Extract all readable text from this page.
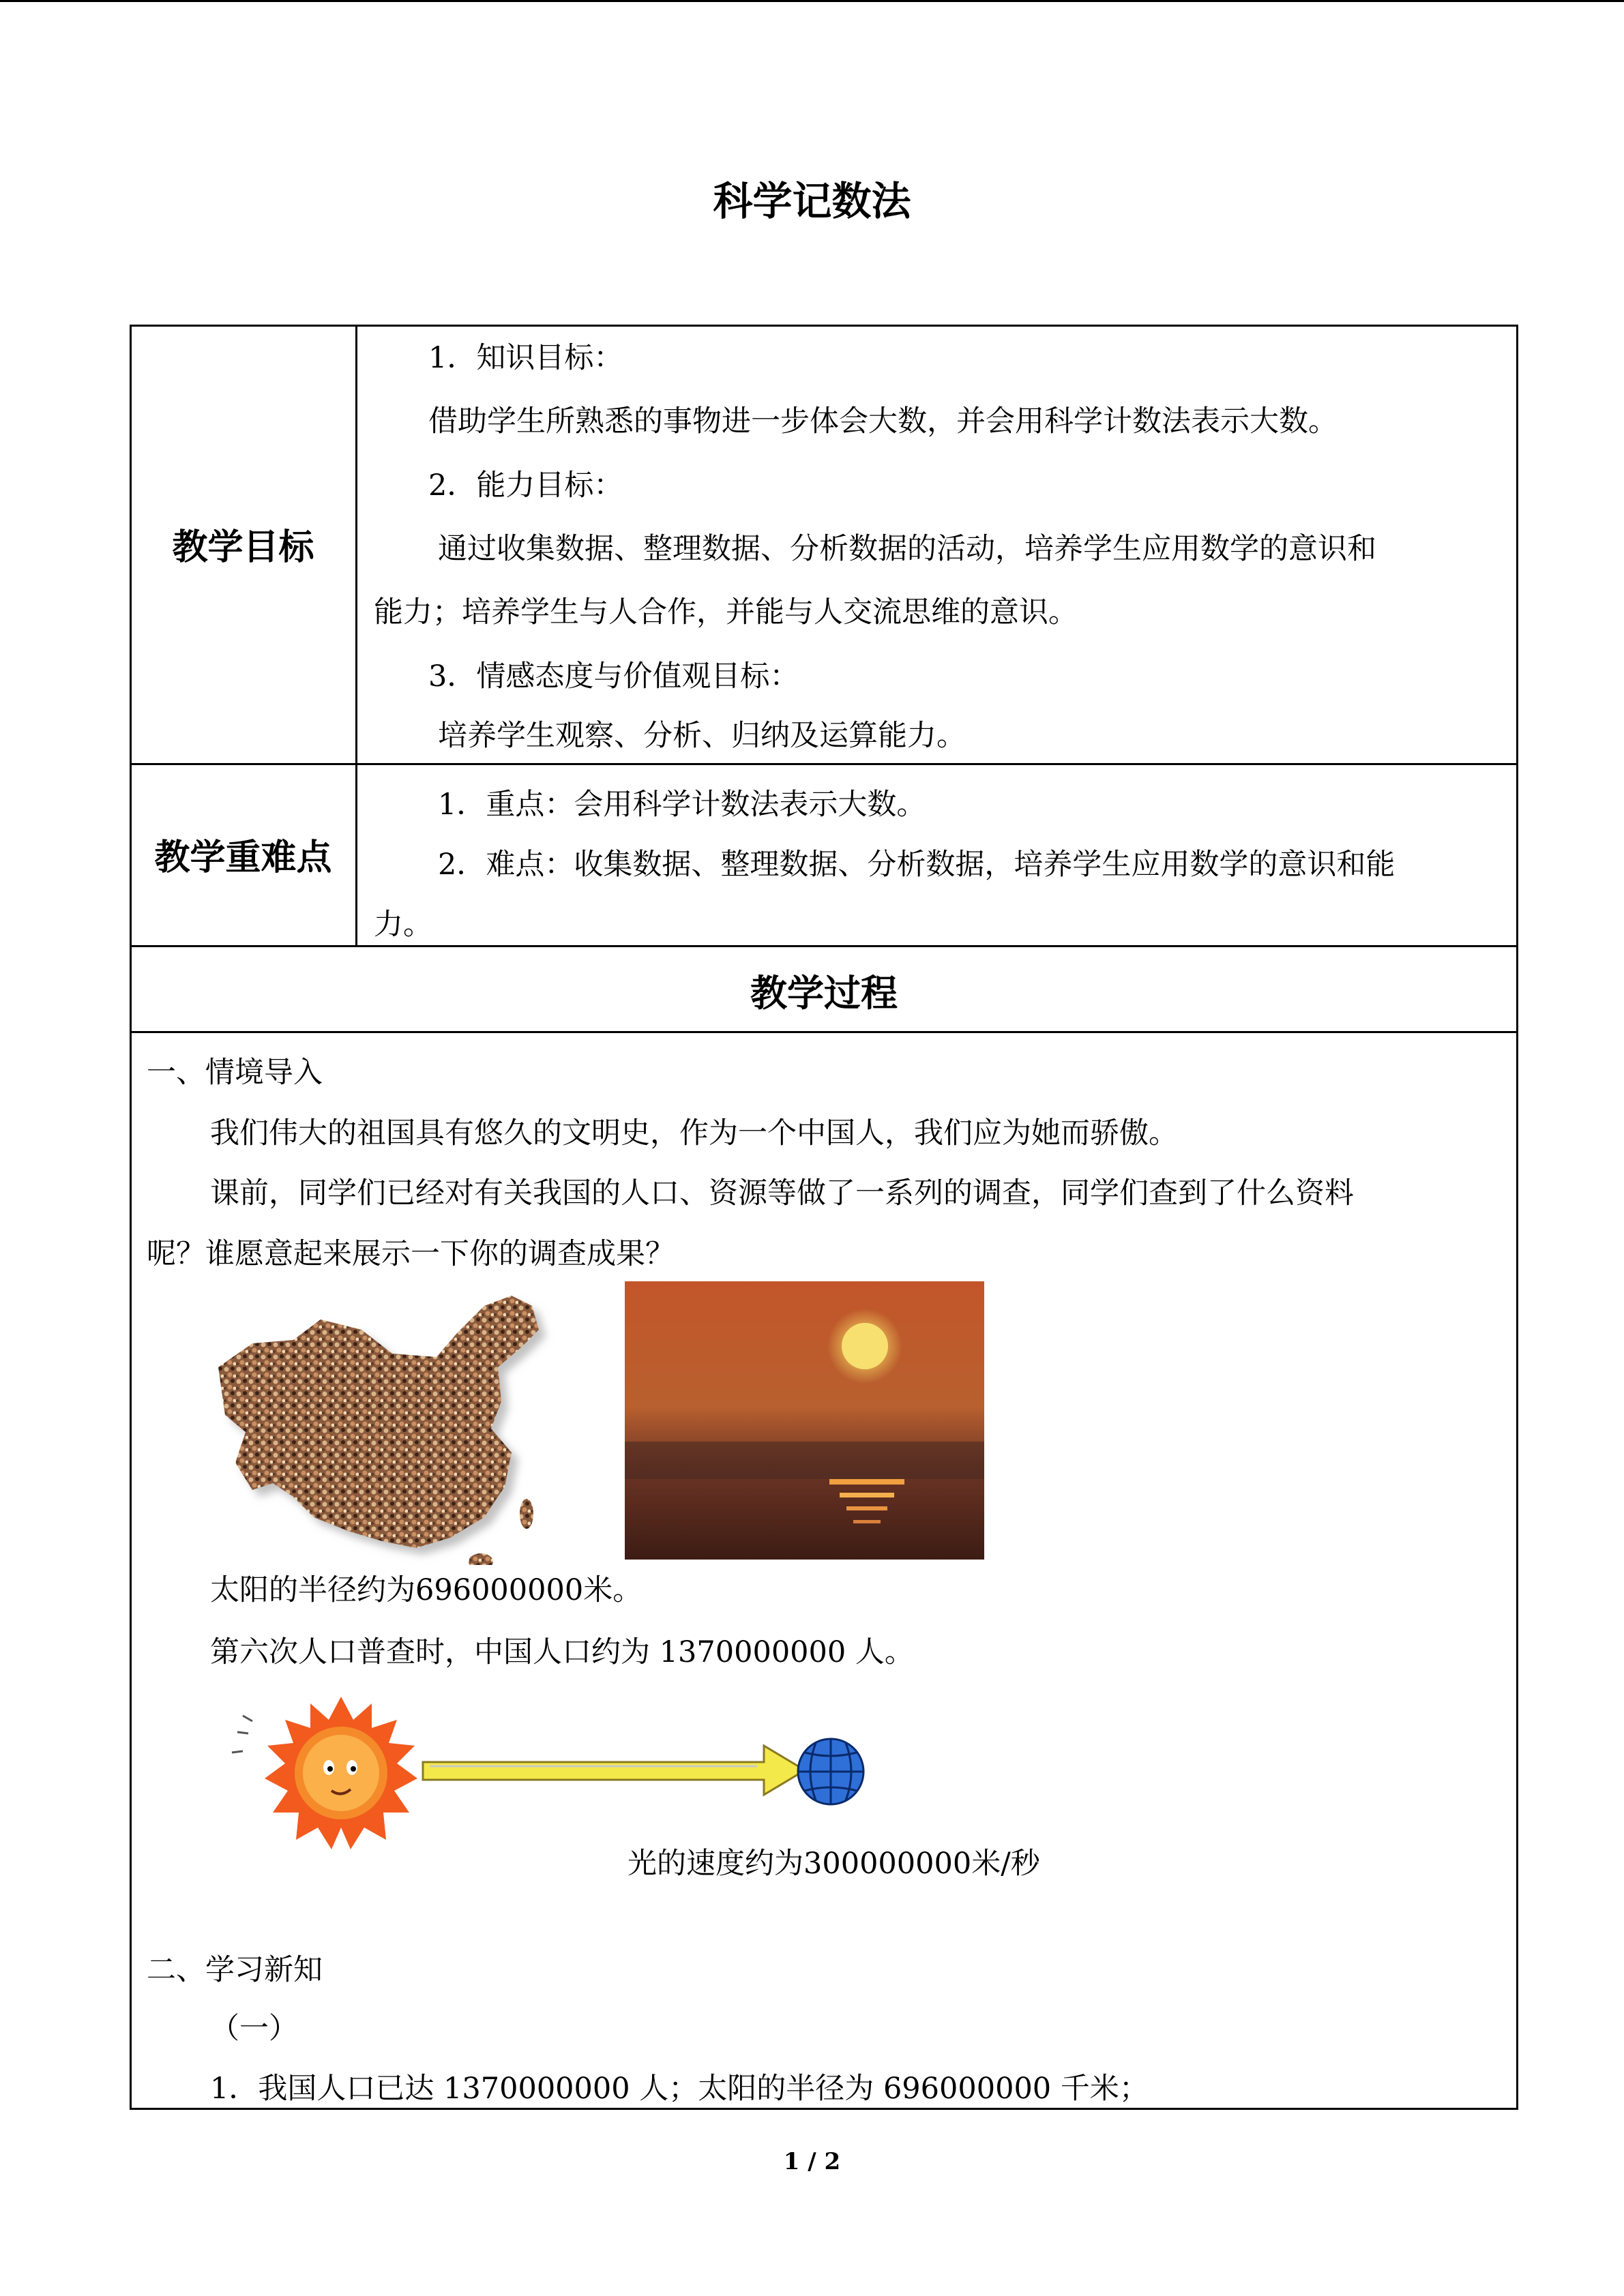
科学记数法
教学目标
1．知识目标：
借助学生所熟悉的事物进一步体会大数，并会用科学计数法表示大数。
2．能力目标：
通过收集数据、整理数据、分析数据的活动，培养学生应用数学的意识和
能力；培养学生与人合作，并能与人交流思维的意识。
3．情感态度与价值观目标：
培养学生观察、分析、归纳及运算能力。
教学重难点
1．重点：会用科学计数法表示大数。
2．难点：收集数据、整理数据、分析数据，培养学生应用数学的意识和能
力。
教学过程
一、情境导入
我们伟大的祖国具有悠久的文明史，作为一个中国人，我们应为她而骄傲。
课前，同学们已经对有关我国的人口、资源等做了一系列的调查，同学们查到了什么资料
呢？谁愿意起来展示一下你的调查成果？
太阳的半径约为696000000米。
第六次人口普查时，中国人口约为 1370000000 人。
光的速度约为300000000米/秒
二、学习新知
（一）
1．我国人口已达 1370000000 人；太阳的半径为 696000000 千米；
1 / 2
